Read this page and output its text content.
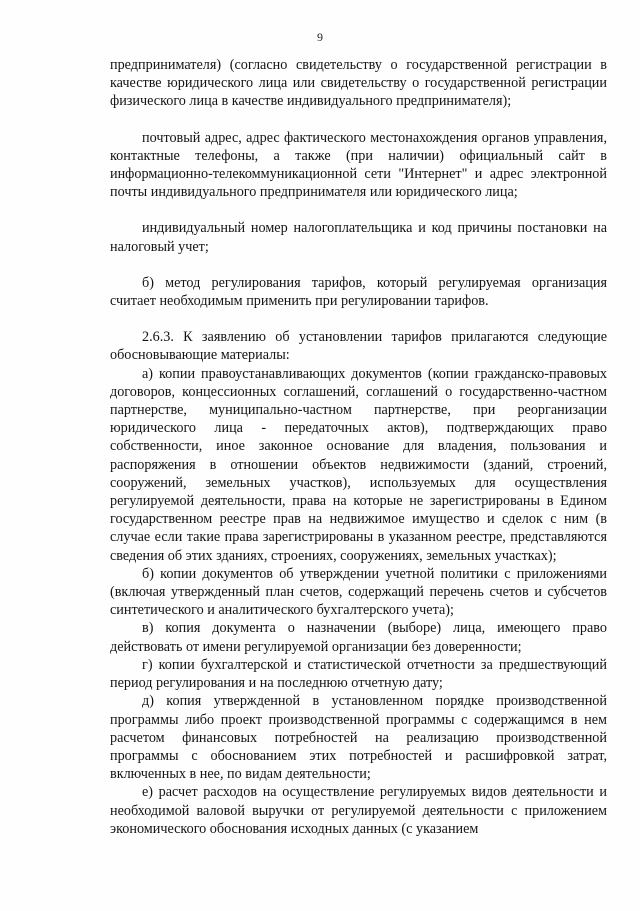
9

предпринимателя) (согласно свидетельству о государственной регистрации в качестве юридического лица или свидетельству о государственной регистрации физического лица в качестве индивидуального предпринимателя);

почтовый адрес, адрес фактического местонахождения органов управления, контактные телефоны, а также (при наличии) официальный сайт в информационно-телекоммуникационной сети "Интернет" и адрес электронной почты индивидуального предпринимателя или юридического лица;

индивидуальный номер налогоплательщика и код причины постановки на налоговый учет;

б) метод регулирования тарифов, который регулируемая организация считает необходимым применить при регулировании тарифов.

2.6.3. К заявлению об установлении тарифов прилагаются следующие обосновывающие материалы:

а) копии правоустанавливающих документов (копии гражданско-правовых договоров, концессионных соглашений, соглашений о государственно-частном партнерстве, муниципально-частном партнерстве, при реорганизации юридического лица - передаточных актов), подтверждающих право собственности, иное законное основание для владения, пользования и распоряжения в отношении объектов недвижимости (зданий, строений, сооружений, земельных участков), используемых для осуществления регулируемой деятельности, права на которые не зарегистрированы в Едином государственном реестре прав на недвижимое имущество и сделок с ним (в случае если такие права зарегистрированы в указанном реестре, представляются сведения об этих зданиях, строениях, сооружениях, земельных участках);

б) копии документов об утверждении учетной политики с приложениями (включая утвержденный план счетов, содержащий перечень счетов и субсчетов синтетического и аналитического бухгалтерского учета);

в) копия документа о назначении (выборе) лица, имеющего право действовать от имени регулируемой организации без доверенности;

г) копии бухгалтерской и статистической отчетности за предшествующий период регулирования и на последнюю отчетную дату;

д) копия утвержденной в установленном порядке производственной программы либо проект производственной программы с содержащимся в нем расчетом финансовых потребностей на реализацию производственной программы с обоснованием этих потребностей и расшифровкой затрат, включенных в нее, по видам деятельности;

е) расчет расходов на осуществление регулируемых видов деятельности и необходимой валовой выручки от регулируемой деятельности с приложением экономического обоснования исходных данных (с указанием
